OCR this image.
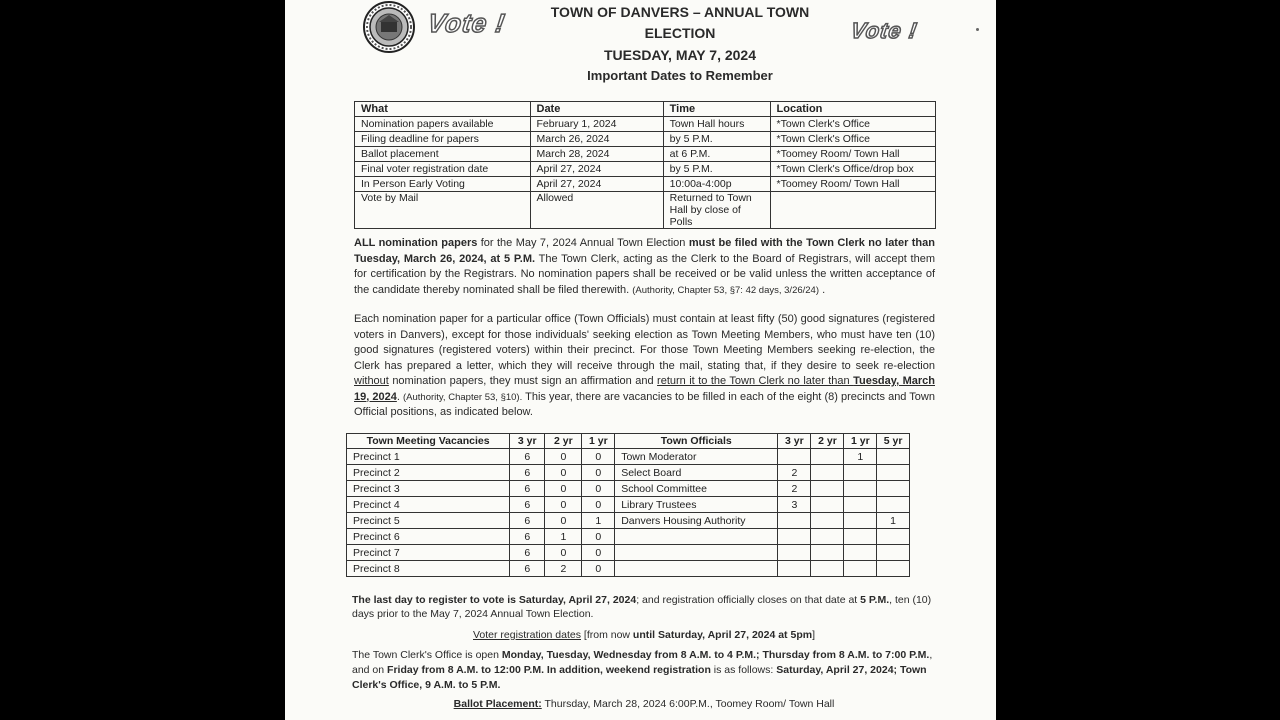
Vote !	Vote !
TOWN OF DANVERS – ANNUAL TOWN
ELECTION
TUESDAY, MAY 7, 2024
Important Dates to Remember
What	Date	Time	Location
Nomination papers available	February 1, 2024	Town Hall hours	*Town Clerk's Office
Filing deadline for papers	March 26, 2024	by 5 P.M.	*Town Clerk's Office
Ballot placement	March 28, 2024	at 6 P.M.	*Toomey Room/ Town Hall
Final voter registration date	April 27, 2024	by 5 P.M.	*Town Clerk's Office/drop box
In Person Early Voting	April 27, 2024	10:00a-4:00p	*Toomey Room/ Town Hall
Vote by Mail	Allowed	Returned to Town Hall by close of Polls	
ALL nomination papers for the May 7, 2024 Annual Town Election must be filed with the Town Clerk no later than Tuesday, March 26, 2024, at 5 P.M. The Town Clerk, acting as the Clerk to the Board of Registrars, will accept them for certification by the Registrars. No nomination papers shall be received or be valid unless the written acceptance of the candidate thereby nominated shall be filed therewith. (Authority, Chapter 53, §7: 42 days, 3/26/24) .
Each nomination paper for a particular office (Town Officials) must contain at least fifty (50) good signatures (registered voters in Danvers), except for those individuals' seeking election as Town Meeting Members, who must have ten (10) good signatures (registered voters) within their precinct. For those Town Meeting Members seeking re-election, the Clerk has prepared a letter, which they will receive through the mail, stating that, if they desire to seek re-election without nomination papers, they must sign an affirmation and return it to the Town Clerk no later than Tuesday, March 19, 2024. (Authority, Chapter 53, §10). This year, there are vacancies to be filled in each of the eight (8) precincts and Town Official positions, as indicated below.
Town Meeting Vacancies	3 yr	2 yr	1 yr	Town Officials	3 yr	2 yr	1 yr	5 yr
Precinct 1	6	0	0	Town Moderator			1	
Precinct 2	6	0	0	Select Board	2			
Precinct 3	6	0	0	School Committee	2			
Precinct 4	6	0	0	Library Trustees	3			
Precinct 5	6	0	1	Danvers Housing Authority				1
Precinct 6	6	1	0					
Precinct 7	6	0	0					
Precinct 8	6	2	0					
The last day to register to vote is Saturday, April 27, 2024; and registration officially closes on that date at 5 P.M., ten (10) days prior to the May 7, 2024 Annual Town Election.
Voter registration dates [from now until Saturday, April 27, 2024 at 5pm]
The Town Clerk's Office is open Monday, Tuesday, Wednesday from 8 A.M. to 4 P.M.; Thursday from 8 A.M. to 7:00 P.M., and on Friday from 8 A.M. to 12:00 P.M. In addition, weekend registration is as follows: Saturday, April 27, 2024; Town Clerk's Office, 9 A.M. to 5 P.M.
Ballot Placement: Thursday, March 28, 2024 6:00P.M., Toomey Room/ Town Hall
